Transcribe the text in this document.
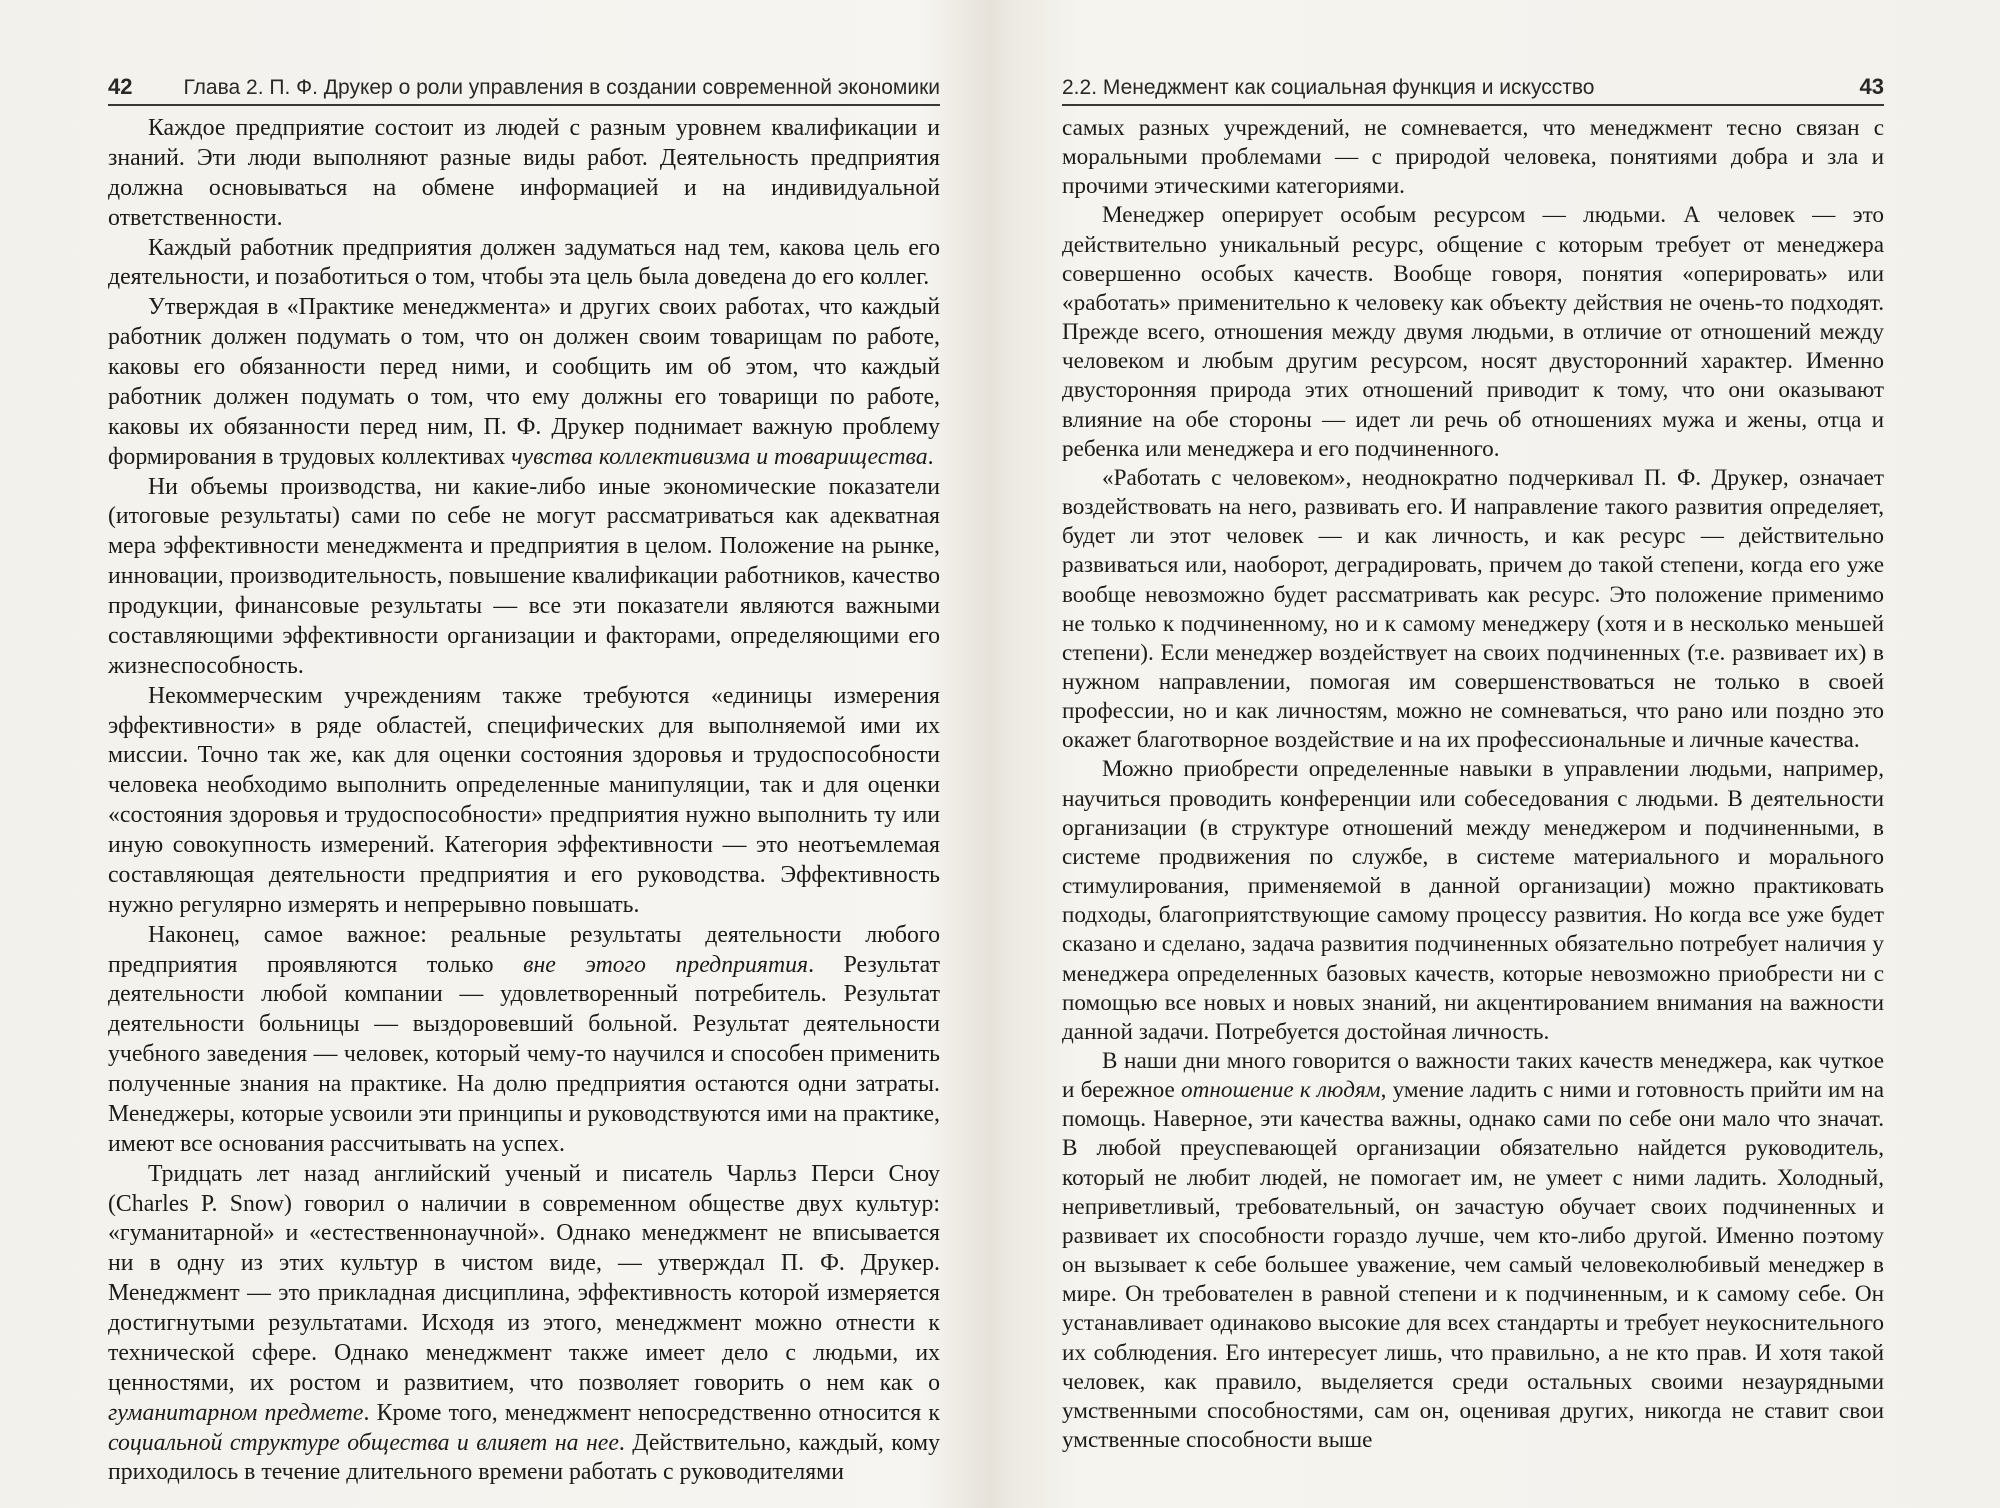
42 Глава 2. П. Ф. Друкер о роли управления в создании современной экономики

Каждое предприятие состоит из людей с разным уровнем квалификации и знаний. Эти люди выполняют разные виды работ. Деятельность предприятия должна основываться на обмене информацией и на индивидуальной ответственности.

Каждый работник предприятия должен задуматься над тем, какова цель его деятельности, и позаботиться о том, чтобы эта цель была доведена до его коллег.

Утверждая в «Практике менеджмента» и других своих работах, что каждый работник должен подумать о том, что он должен своим товарищам по работе, каковы его обязанности перед ними, и сообщить им об этом, что каждый работник должен подумать о том, что ему должны его товарищи по работе, каковы их обязанности перед ним, П. Ф. Друкер поднимает важную проблему формирования в трудовых коллективах чувства коллективизма и товарищества.

Ни объемы производства, ни какие-либо иные экономические показатели (итоговые результаты) сами по себе не могут рассматриваться как адекватная мера эффективности менеджмента и предприятия в целом. Положение на рынке, инновации, производительность, повышение квалификации работников, качество продукции, финансовые результаты — все эти показатели являются важными составляющими эффективности организации и факторами, определяющими его жизнеспособность.

Некоммерческим учреждениям также требуются «единицы измерения эффективности» в ряде областей, специфических для выполняемой ими их миссии. Точно так же, как для оценки состояния здоровья и трудоспособности человека необходимо выполнить определенные манипуляции, так и для оценки «состояния здоровья и трудоспособности» предприятия нужно выполнить ту или иную совокупность измерений. Категория эффективности — это неотъемлемая составляющая деятельности предприятия и его руководства. Эффективность нужно регулярно измерять и непрерывно повышать.

Наконец, самое важное: реальные результаты деятельности любого предприятия проявляются только вне этого предприятия. Результат деятельности любой компании — удовлетворенный потребитель. Результат деятельности больницы — выздоровевший больной. Результат деятельности учебного заведения — человек, который чему-то научился и способен применить полученные знания на практике. На долю предприятия остаются одни затраты. Менеджеры, которые усвоили эти принципы и руководствуются ими на практике, имеют все основания рассчитывать на успех.

Тридцать лет назад английский ученый и писатель Чарльз Перси Сноу (Charles P. Snow) говорил о наличии в современном обществе двух культур: «гуманитарной» и «естественнонаучной». Однако менеджмент не вписывается ни в одну из этих культур в чистом виде, — утверждал П. Ф. Друкер. Менеджмент — это прикладная дисциплина, эффективность которой измеряется достигнутыми результатами. Исходя из этого, менеджмент можно отнести к технической сфере. Однако менеджмент также имеет дело с людьми, их ценностями, их ростом и развитием, что позволяет говорить о нем как о гуманитарном предмете. Кроме того, менеджмент непосредственно относится к социальной структуре общества и влияет на нее. Действительно, каждый, кому приходилось в течение длительного времени работать с руководителями

2.2. Менеджмент как социальная функция и искусство	43

самых разных учреждений, не сомневается, что менеджмент тесно связан с моральными проблемами — с природой человека, понятиями добра и зла и прочими этическими категориями.

Менеджер оперирует особым ресурсом — людьми. А человек — это действительно уникальный ресурс, общение с которым требует от менеджера совершенно особых качеств. Вообще говоря, понятия «оперировать» или «работать» применительно к человеку как объекту действия не очень-то подходят. Прежде всего, отношения между двумя людьми, в отличие от отношений между человеком и любым другим ресурсом, носят двусторонний характер. Именно двусторонняя природа этих отношений приводит к тому, что они оказывают влияние на обе стороны — идет ли речь об отношениях мужа и жены, отца и ребенка или менеджера и его подчиненного.

«Работать с человеком», неоднократно подчеркивал П. Ф. Друкер, означает воздействовать на него, развивать его. И направление такого развития определяет, будет ли этот человек — и как личность, и как ресурс — действительно развиваться или, наоборот, деградировать, причем до такой степени, когда его уже вообще невозможно будет рассматривать как ресурс. Это положение применимо не только к подчиненному, но и к самому менеджеру (хотя и в несколько меньшей степени). Если менеджер воздействует на своих подчиненных (т.е. развивает их) в нужном направлении, помогая им совершенствоваться не только в своей профессии, но и как личностям, можно не сомневаться, что рано или поздно это окажет благотворное воздействие и на их профессиональные и личные качества.

Можно приобрести определенные навыки в управлении людьми, например, научиться проводить конференции или собеседования с людьми. В деятельности организации (в структуре отношений между менеджером и подчиненными, в системе продвижения по службе, в системе материального и морального стимулирования, применяемой в данной организации) можно практиковать подходы, благоприятствующие самому процессу развития. Но когда все уже будет сказано и сделано, задача развития подчиненных обязательно потребует наличия у менеджера определенных базовых качеств, которые невозможно приобрести ни с помощью все новых и новых знаний, ни акцентированием внимания на важности данной задачи. Потребуется достойная личность.

В наши дни много говорится о важности таких качеств менеджера, как чуткое и бережное отношение к людям, умение ладить с ними и готовность прийти им на помощь. Наверное, эти качества важны, однако сами по себе они мало что значат. В любой преуспевающей организации обязательно найдется руководитель, который не любит людей, не помогает им, не умеет с ними ладить. Холодный, неприветливый, требовательный, он зачастую обучает своих подчиненных и развивает их способности гораздо лучше, чем кто-либо другой. Именно поэтому он вызывает к себе большее уважение, чем самый человеколюбивый менеджер в мире. Он требователен в равной степени и к подчиненным, и к самому себе. Он устанавливает одинаково высокие для всех стандарты и требует неукоснительного их соблюдения. Его интересует лишь, что правильно, а не кто прав. И хотя такой человек, как правило, выделяется среди остальных своими незаурядными умственными способностями, сам он, оценивая других, никогда не ставит свои умственные способности выше
